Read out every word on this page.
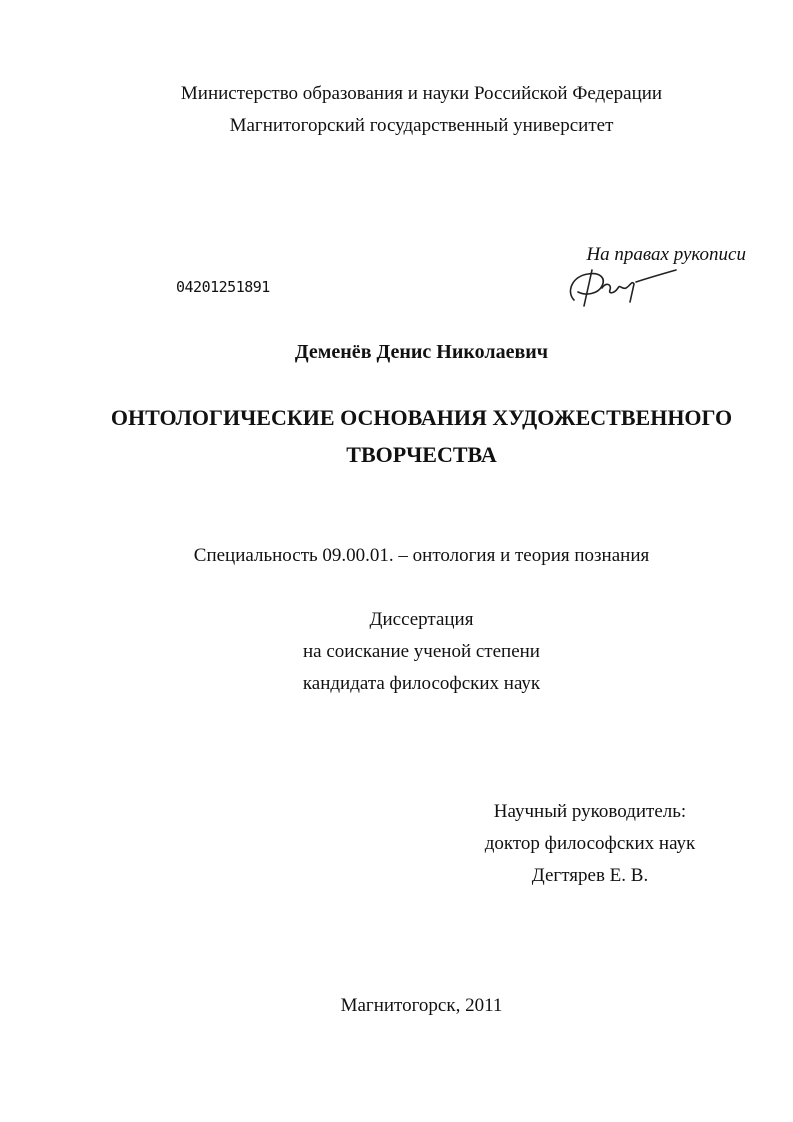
Министерство образования и науки Российской Федерации
Магнитогорский государственный университет
На правах рукописи
04201251891
Деменёв Денис Николаевич
ОНТОЛОГИЧЕСКИЕ ОСНОВАНИЯ ХУДОЖЕСТВЕННОГО
ТВОРЧЕСТВА
Специальность 09.00.01. – онтология и теория познания
Диссертация
на соискание ученой степени
кандидата философских наук
Научный руководитель:
доктор философских наук
Дегтярев Е. В.
Магнитогорск, 2011
